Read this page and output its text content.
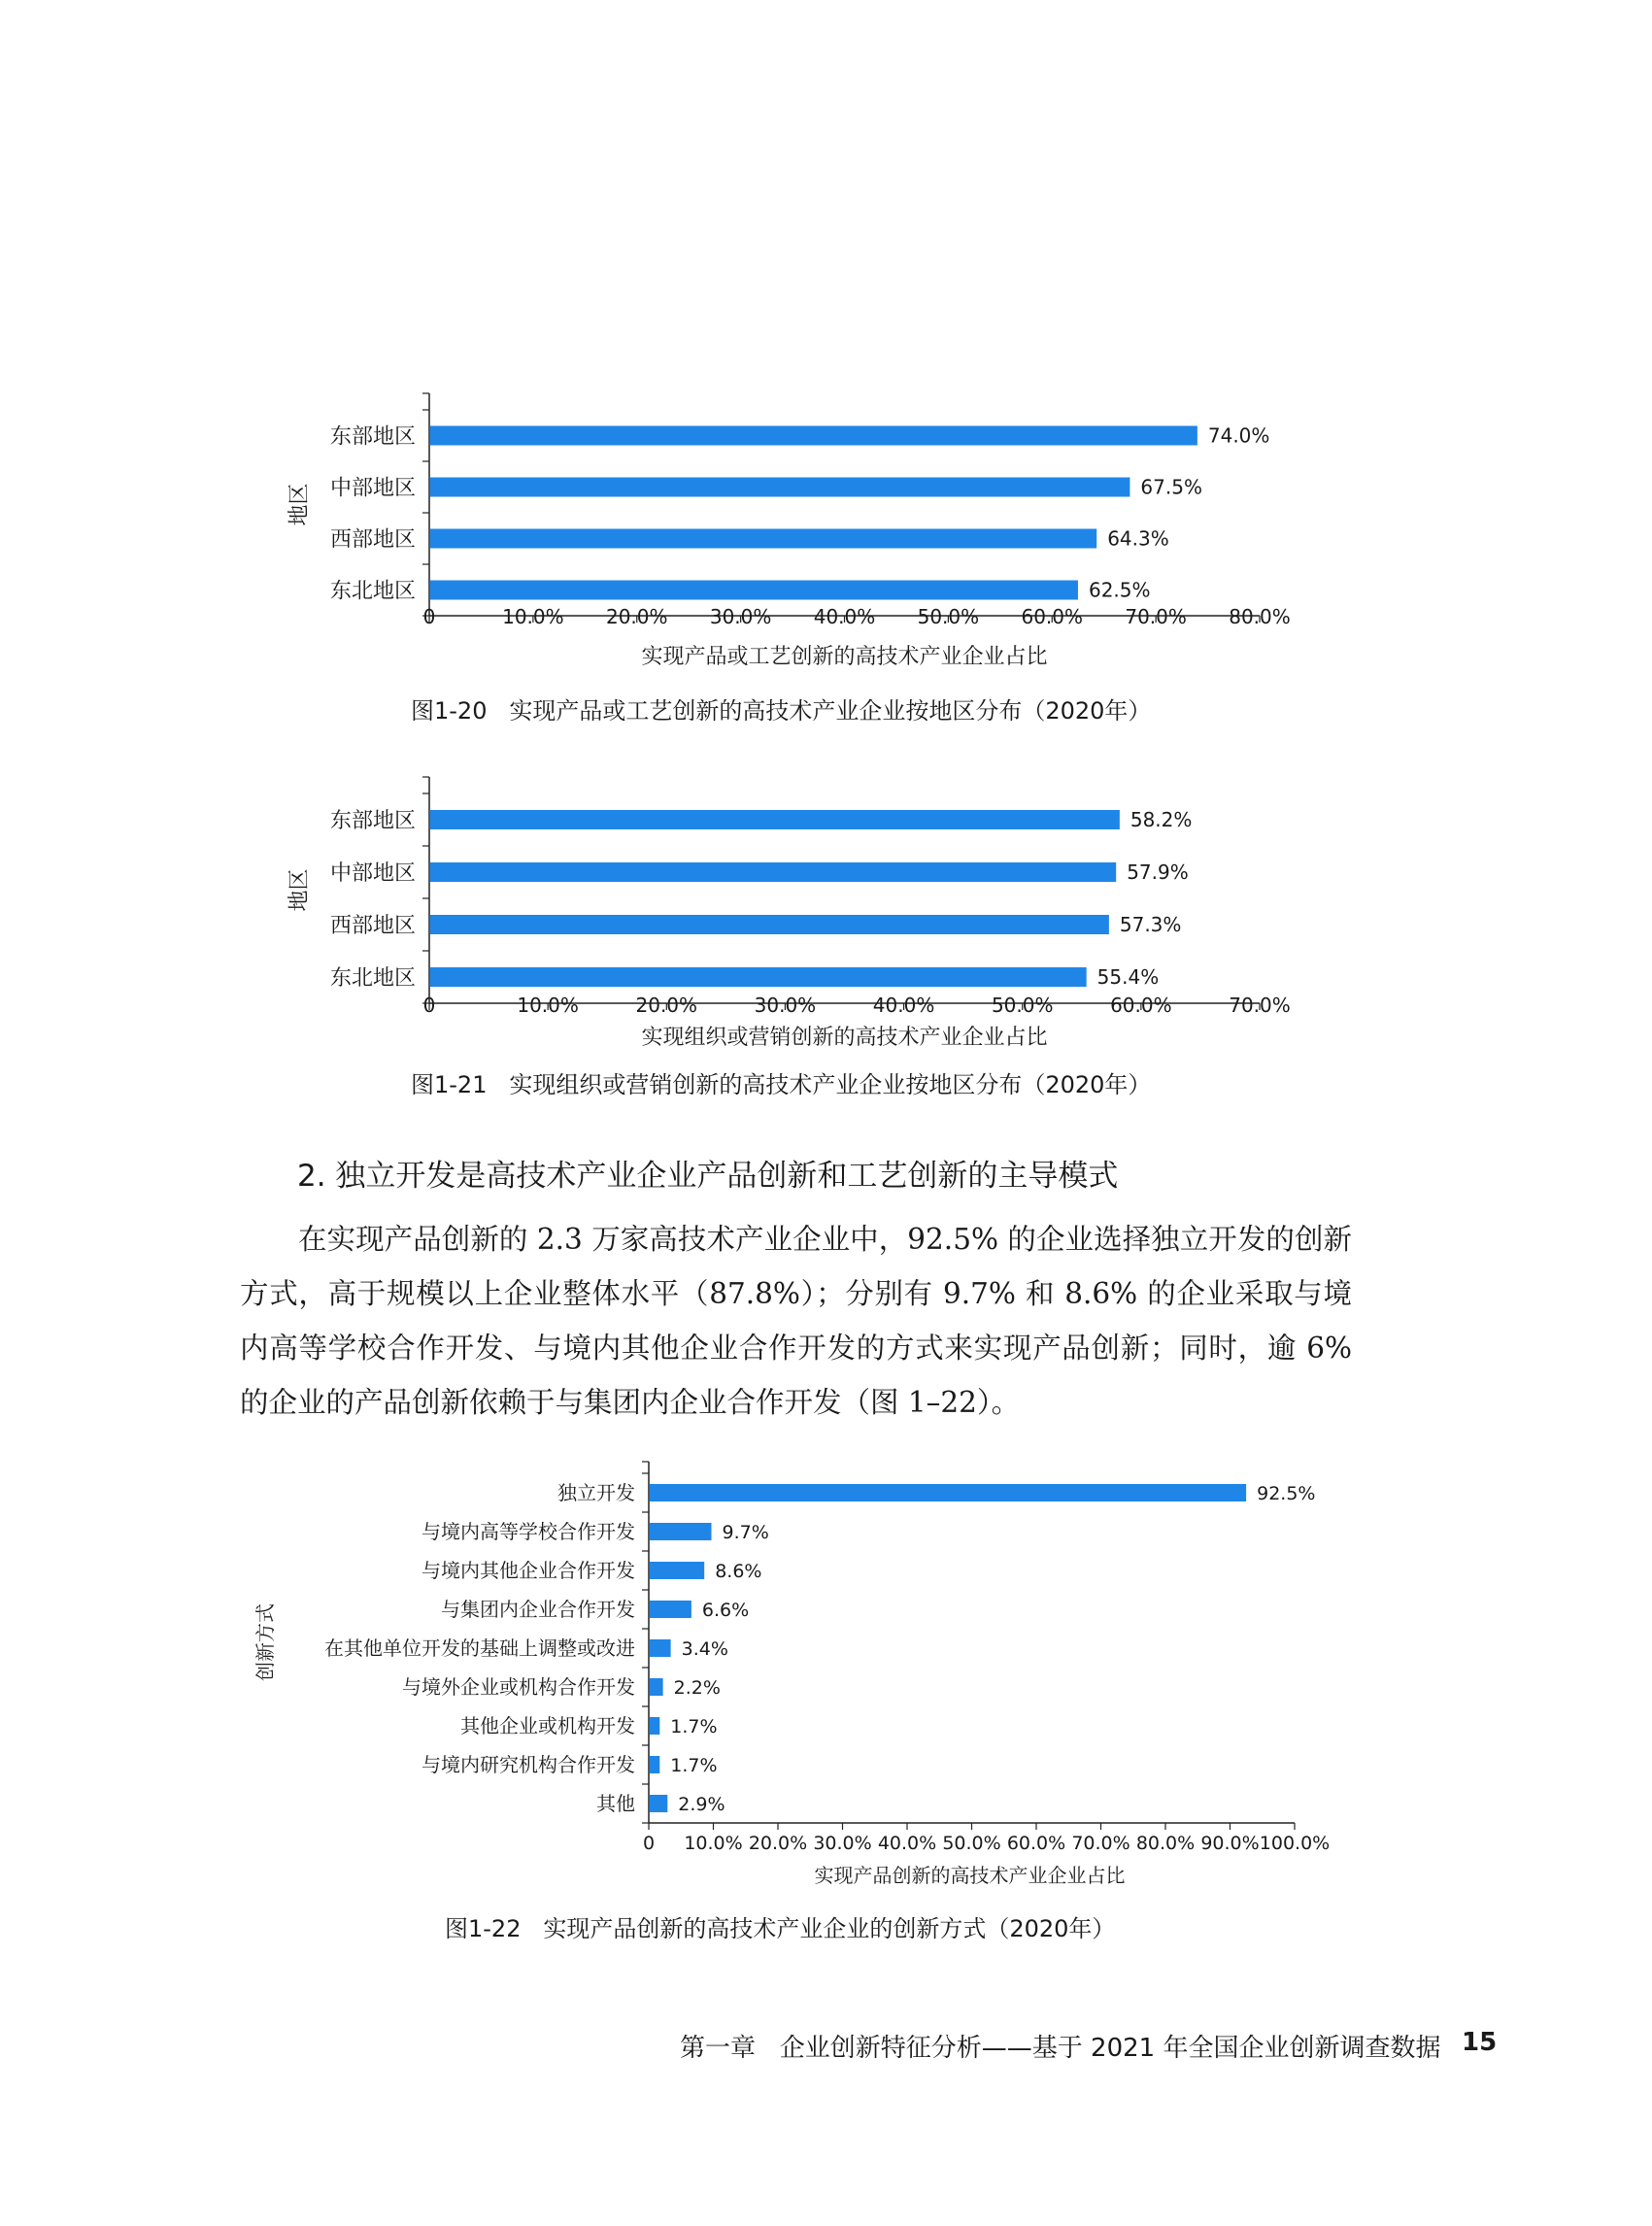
0	10.0% 20.0% 30.0% 40.0% 50.0% 60.0% 70.0% 80.0%
东部地区	74.0%
中部地区	67.5%
西部地区	64.3%
东北地区	62.5%
实现产品或工艺创新的高技术产业企业占比
地区
图1-20   实现产品或工艺创新的高技术产业企业按地区分布（2020年）
0	10.0%	20.0%	30.0%	40.0%	50.0%	60.0%	70.0%
东部地区	58.2%
中部地区	57.9%
西部地区	57.3%
东北地区	55.4%
实现组织或营销创新的高技术产业企业占比
地区
图1-21   实现组织或营销创新的高技术产业企业按地区分布（2020年）
2. 独立开发是高技术产业企业产品创新和工艺创新的主导模式

在实现产品创新的 2.3 万家高技术产业企业中，92.5% 的企业选择独立开发的创新方式，高于规模以上企业整体水平（87.8%）；分别有 9.7% 和 8.6% 的企业采取与境内高等学校合作开发、与境内其他企业合作开发的方式来实现产品创新；同时，逾 6% 的企业的产品创新依赖于与集团内企业合作开发（图 1–22）。

0 10.0% 20.0% 30.0% 40.0% 50.0% 60.0% 70.0% 80.0% 90.0% 100.0%
独立开发	92.5%
与境内高等学校合作开发	9.7%
与境内其他企业合作开发	8.6%
与集团内企业合作开发	6.6%
在其他单位开发的基础上调整或改进	3.4%
与境外企业或机构合作开发 2.2%
其他企业或机构开发 1.7%
与境内研究机构合作开发 1.7%
其他 2.9%
实现产品创新的高技术产业企业占比
创新方式
图1-22   实现产品创新的高技术产业企业的创新方式（2020年）
第一章   企业创新特征分析——基于 2021 年全国企业创新调查数据 15
